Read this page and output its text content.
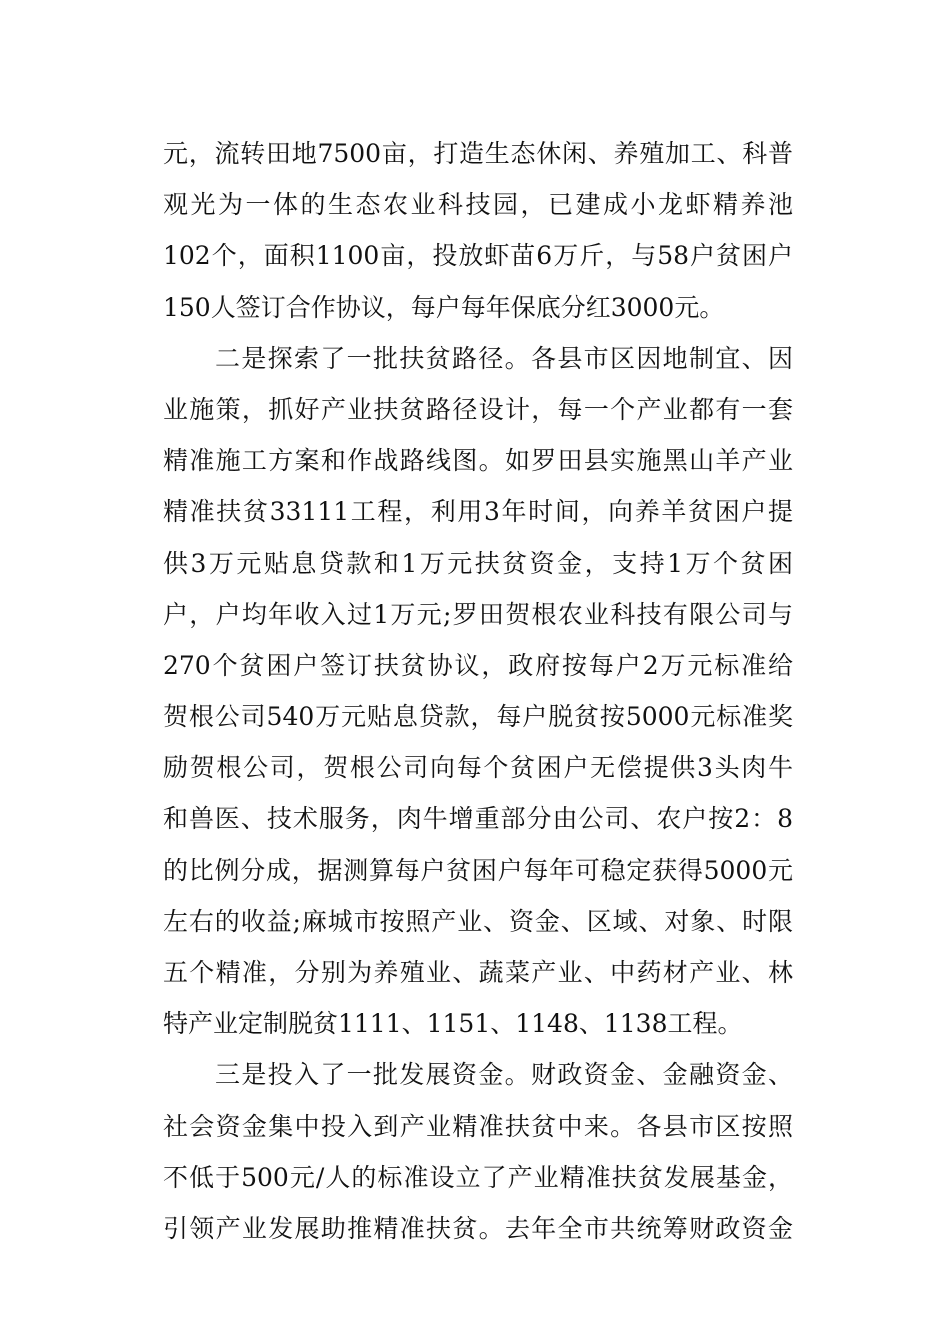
元，流转田地7500亩，打造生态休闲、养殖加工、科普
观光为一体的生态农业科技园，已建成小龙虾精养池
102个，面积1100亩，投放虾苗6万斤，与58户贫困户
150人签订合作协议，每户每年保底分红3000元。
二是探索了一批扶贫路径。各县市区因地制宜、因
业施策，抓好产业扶贫路径设计，每一个产业都有一套
精准施工方案和作战路线图。如罗田县实施黑山羊产业
精准扶贫33111工程，利用3年时间，向养羊贫困户提
供3万元贴息贷款和1万元扶贫资金，支持1万个贫困
户，户均年收入过1万元;罗田贺根农业科技有限公司与
270个贫困户签订扶贫协议，政府按每户2万元标准给
贺根公司540万元贴息贷款，每户脱贫按5000元标准奖
励贺根公司，贺根公司向每个贫困户无偿提供3头肉牛
和兽医、技术服务，肉牛增重部分由公司、农户按2：8
的比例分成，据测算每户贫困户每年可稳定获得5000元
左右的收益;麻城市按照产业、资金、区域、对象、时限
五个精准，分别为养殖业、蔬菜产业、中药材产业、林
特产业定制脱贫1111、1151、1148、1138工程。
三是投入了一批发展资金。财政资金、金融资金、
社会资金集中投入到产业精准扶贫中来。各县市区按照
不低于500元/人的标准设立了产业精准扶贫发展基金，
引领产业发展助推精准扶贫。去年全市共统筹财政资金
